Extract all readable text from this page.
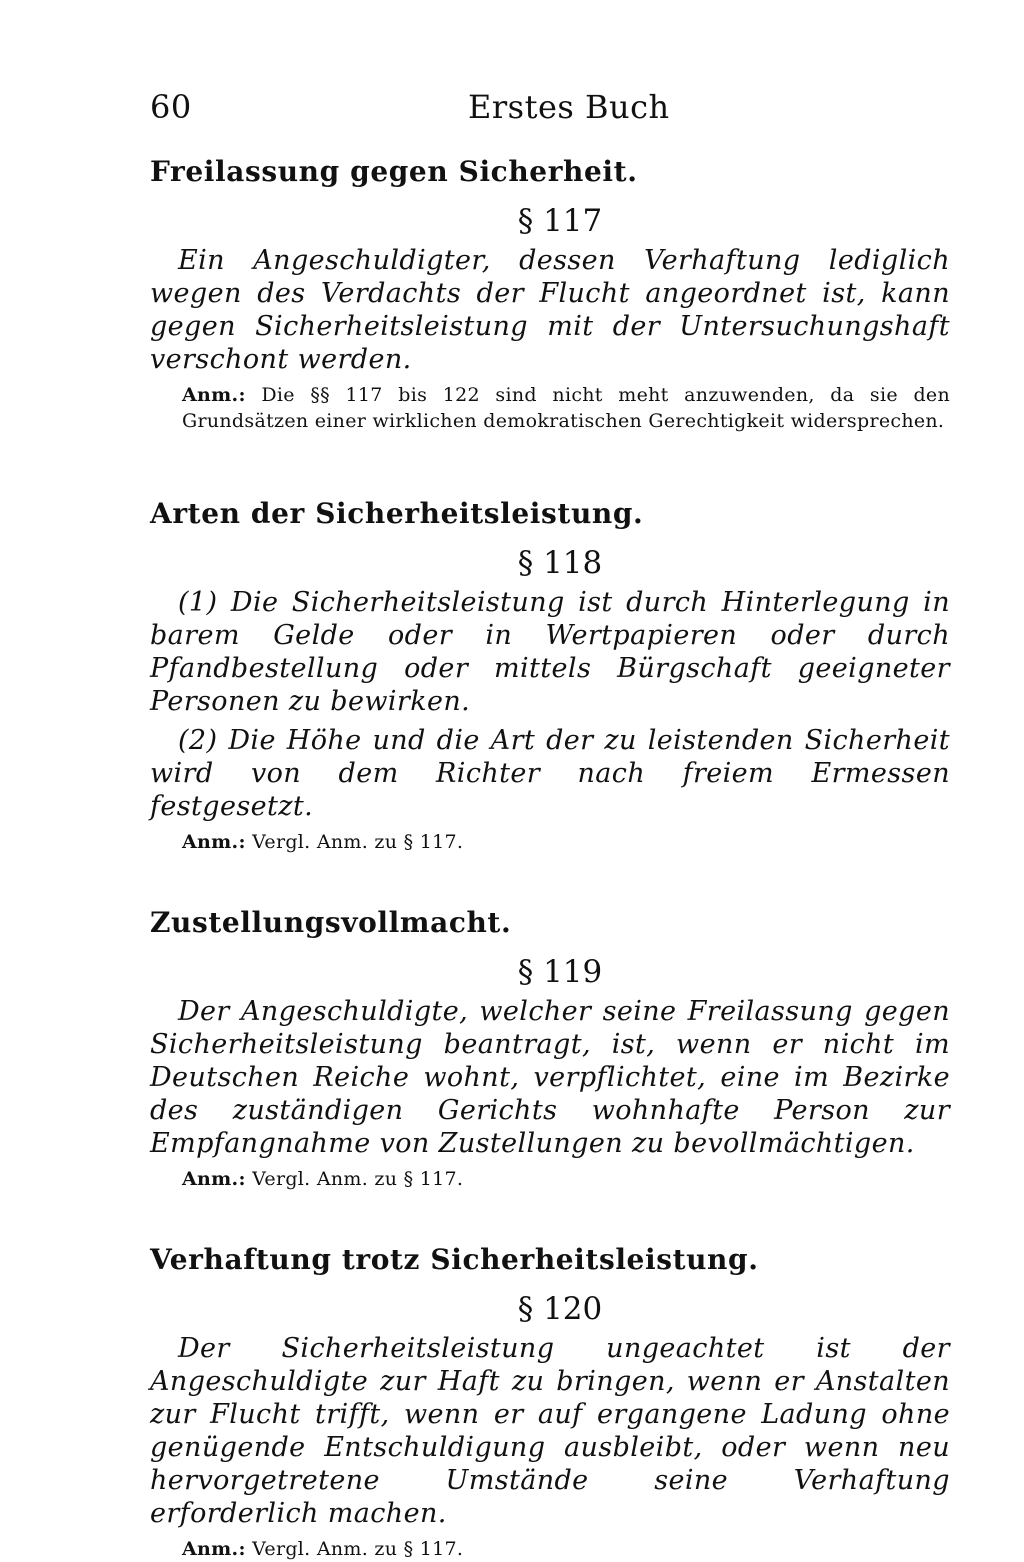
60	Erstes Buch
Freilassung gegen Sicherheit.
§ 117

Ein Angeschuldigter, dessen Verhaftung lediglich wegen des Verdachts der Flucht angeordnet ist, kann gegen Sicherheitsleistung mit der Untersuchungshaft verschont werden.

Anm.: Die §§ 117 bis 122 sind nicht meht anzuwenden, da sie den Grundsätzen einer wirklichen demokratischen Gerechtigkeit widersprechen.

Arten der Sicherheitsleistung.
§ 118

(1) Die Sicherheitsleistung ist durch Hinterlegung in barem Gelde oder in Wertpapieren oder durch Pfandbestellung oder mittels Bürgschaft geeigneter Personen zu bewirken.

(2) Die Höhe und die Art der zu leistenden Sicherheit wird von dem Richter nach freiem Ermessen festgesetzt.

Anm.: Vergl. Anm. zu § 117.

Zustellungsvollmacht.
§ 119

Der Angeschuldigte, welcher seine Freilassung gegen Sicherheitsleistung beantragt, ist, wenn er nicht im Deutschen Reiche wohnt, verpflichtet, eine im Bezirke des zuständigen Gerichts wohnhafte Person zur Empfangnahme von Zustellungen zu bevollmächtigen.

Anm.: Vergl. Anm. zu § 117.

Verhaftung trotz Sicherheitsleistung.
§ 120

Der Sicherheitsleistung ungeachtet ist der Angeschuldigte zur Haft zu bringen, wenn er Anstalten zur Flucht trifft, wenn er auf ergangene Ladung ohne genügende Entschuldigung ausbleibt, oder wenn neu hervorgetretene Umstände seine Verhaftung erforderlich machen.

Anm.: Vergl. Anm. zu § 117.
